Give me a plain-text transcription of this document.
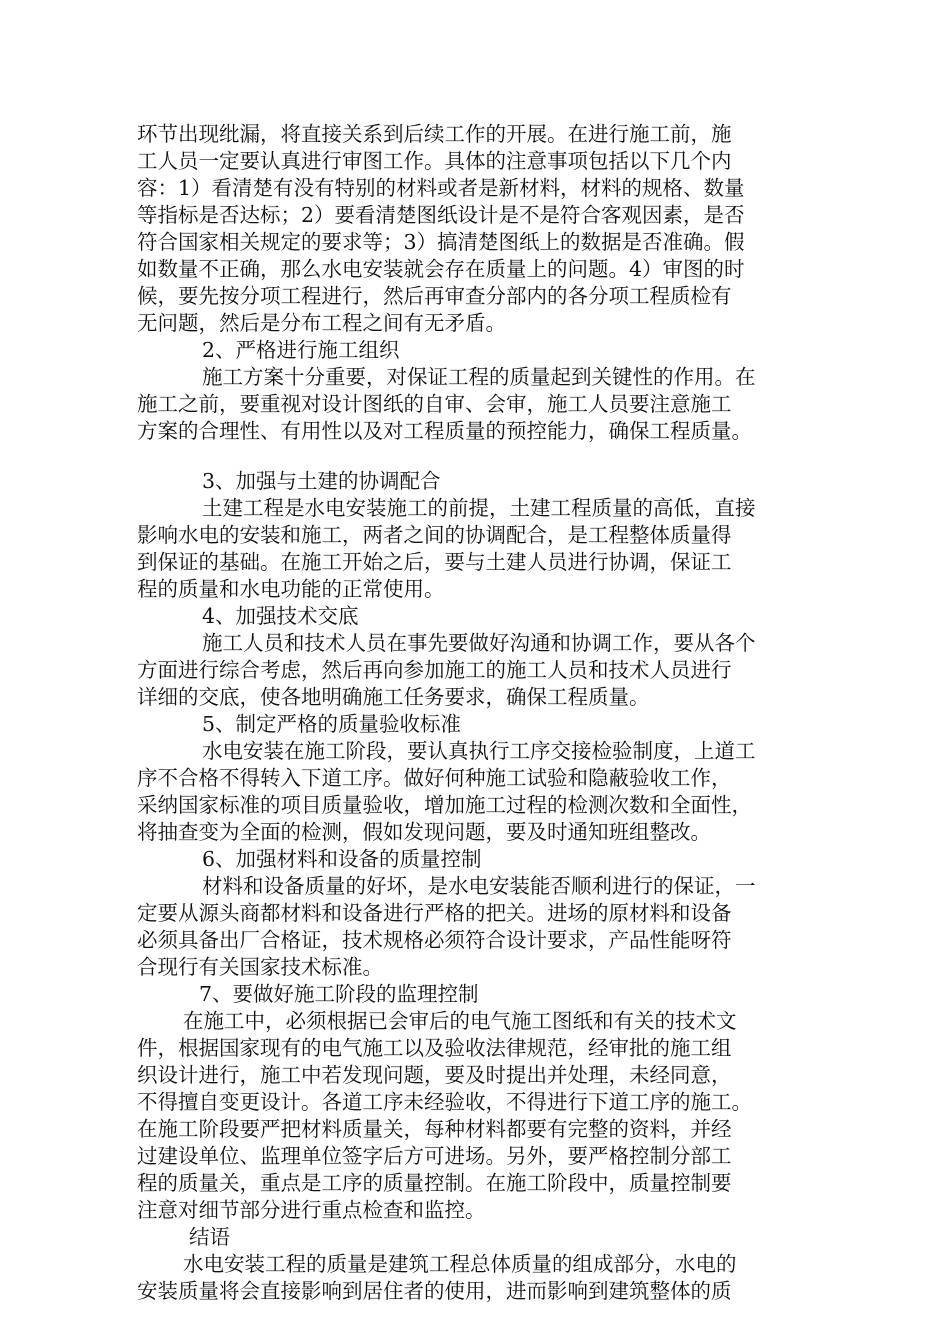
环节出现纰漏，将直接关系到后续工作的开展。在进行施工前，施
工人员一定要认真进行审图工作。具体的注意事项包括以下几个内
容：1）看清楚有没有特别的材料或者是新材料，材料的规格、数量
等指标是否达标；2）要看清楚图纸设计是不是符合客观因素，是否
符合国家相关规定的要求等；3）搞清楚图纸上的数据是否准确。假
如数量不正确，那么水电安装就会存在质量上的问题。4）审图的时
候，要先按分项工程进行，然后再审查分部内的各分项工程质检有
无问题，然后是分布工程之间有无矛盾。
2、严格进行施工组织
施工方案十分重要，对保证工程的质量起到关键性的作用。在
施工之前，要重视对设计图纸的自审、会审，施工人员要注意施工
方案的合理性、有用性以及对工程质量的预控能力，确保工程质量。
3、加强与土建的协调配合
土建工程是水电安装施工的前提，土建工程质量的高低，直接
影响水电的安装和施工，两者之间的协调配合，是工程整体质量得
到保证的基础。在施工开始之后，要与土建人员进行协调，保证工
程的质量和水电功能的正常使用。
4、加强技术交底
施工人员和技术人员在事先要做好沟通和协调工作，要从各个
方面进行综合考虑，然后再向参加施工的施工人员和技术人员进行
详细的交底，使各地明确施工任务要求，确保工程质量。
5、制定严格的质量验收标准
水电安装在施工阶段，要认真执行工序交接检验制度，上道工
序不合格不得转入下道工序。做好何种施工试验和隐蔽验收工作，
采纳国家标准的项目质量验收，增加施工过程的检测次数和全面性，
将抽查变为全面的检测，假如发现问题，要及时通知班组整改。
6、加强材料和设备的质量控制
材料和设备质量的好坏，是水电安装能否顺利进行的保证，一
定要从源头商都材料和设备进行严格的把关。进场的原材料和设备
必须具备出厂合格证，技术规格必须符合设计要求，产品性能呀符
合现行有关国家技术标准。
7、要做好施工阶段的监理控制
在施工中，必须根据已会审后的电气施工图纸和有关的技术文
件，根据国家现有的电气施工以及验收法律规范，经审批的施工组
织设计进行，施工中若发现问题，要及时提出并处理，未经同意，
不得擅自变更设计。各道工序未经验收，不得进行下道工序的施工。
在施工阶段要严把材料质量关，每种材料都要有完整的资料，并经
过建设单位、监理单位签字后方可进场。另外，要严格控制分部工
程的质量关，重点是工序的质量控制。在施工阶段中，质量控制要
注意对细节部分进行重点检查和监控。
结语
水电安装工程的质量是建筑工程总体质量的组成部分，水电的
安装质量将会直接影响到居住者的使用，进而影响到建筑整体的质
